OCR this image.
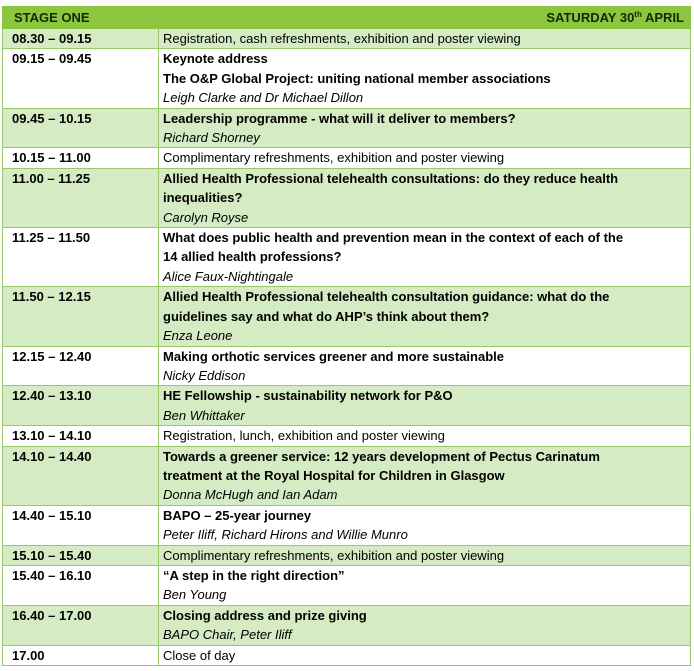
STAGE ONE	SATURDAY 30th APRIL
08.30 – 09.15	Registration, cash refreshments, exhibition and poster viewing

09.15 – 09.45	Keynote address
The O&P Global Project: uniting national member associations
Leigh Clarke and Dr Michael Dillon

09.45 – 10.15	Leadership programme - what will it deliver to members?
Richard Shorney

10.15 – 11.00	Complimentary refreshments, exhibition and poster viewing

11.00 – 11.25	Allied Health Professional telehealth consultations: do they reduce health
inequalities?
Carolyn Royse

11.25 – 11.50	What does public health and prevention mean in the context of each of the
14 allied health professions?
Alice Faux-Nightingale

11.50 – 12.15	Allied Health Professional telehealth consultation guidance: what do the
guidelines say and what do AHP’s think about them?
Enza Leone

12.15 – 12.40	Making orthotic services greener and more sustainable
Nicky Eddison

12.40 – 13.10	HE Fellowship - sustainability network for P&O
Ben Whittaker

13.10 – 14.10	Registration, lunch, exhibition and poster viewing

14.10 – 14.40	Towards a greener service: 12 years development of Pectus Carinatum
treatment at the Royal Hospital for Children in Glasgow
Donna McHugh and Ian Adam

14.40 – 15.10	BAPO – 25-year journey
Peter Iliff, Richard Hirons and Willie Munro

15.10 – 15.40	Complimentary refreshments, exhibition and poster viewing

15.40 – 16.10	“A step in the right direction”
Ben Young

16.40 – 17.00	Closing address and prize giving
BAPO Chair, Peter Iliff

17.00	Close of day
